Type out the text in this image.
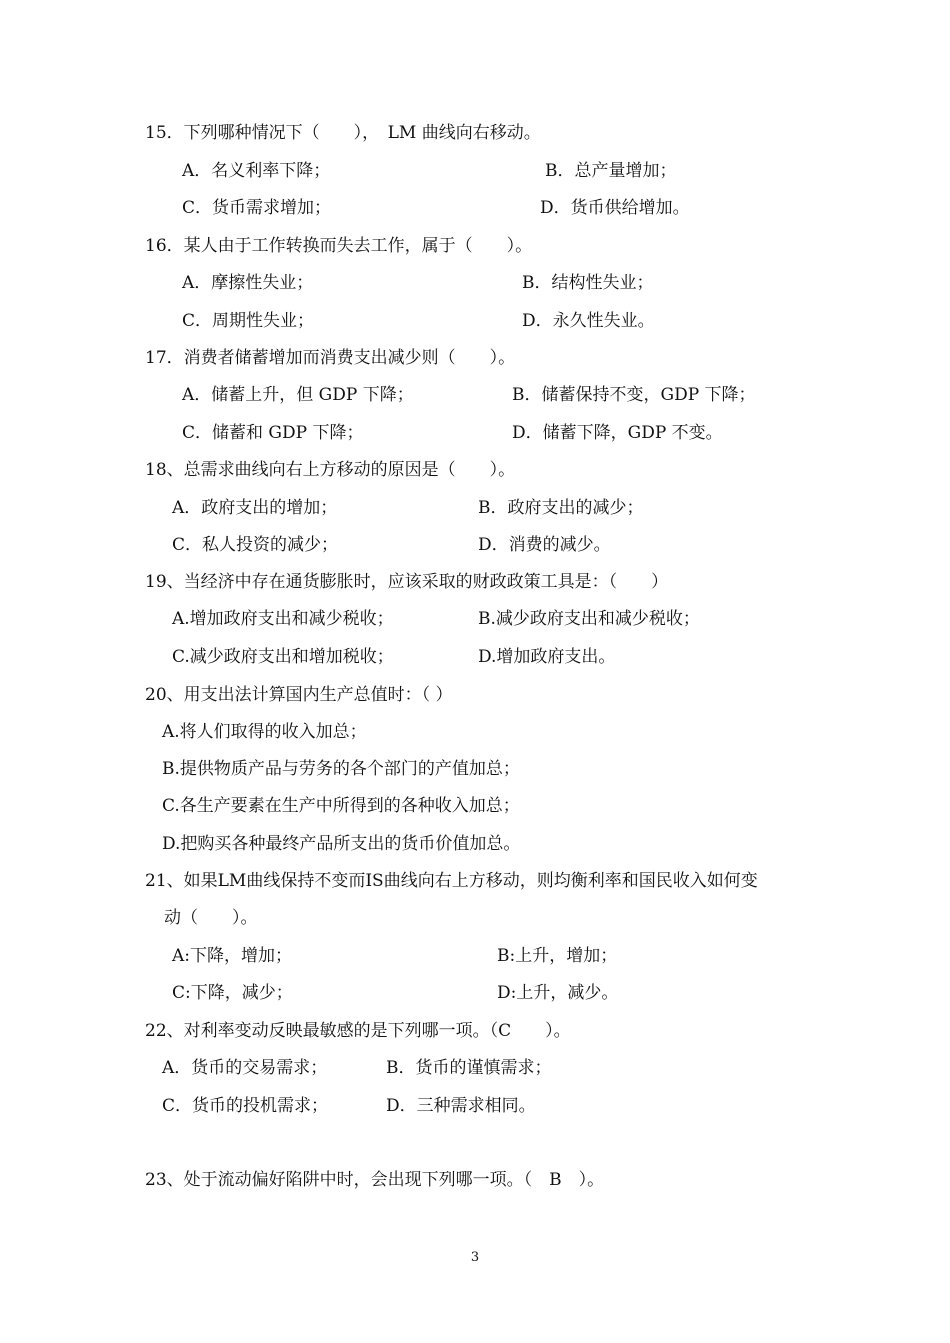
15．下列哪种情况下（　　），　LM 曲线向右移动。
A．名义利率下降；	B．总产量增加；
C．货币需求增加；	D．货币供给增加。
16．某人由于工作转换而失去工作，属于（　　）。
A．摩擦性失业；	B．结构性失业；
C．周期性失业；	D．永久性失业。
17．消费者储蓄增加而消费支出减少则（　　）。
A．储蓄上升，但 GDP 下降；	B．储蓄保持不变，GDP 下降；
C．储蓄和 GDP 下降；	D．储蓄下降，GDP 不变。
18、总需求曲线向右上方移动的原因是（　　）。
A．政府支出的增加；	B．政府支出的减少；
C．私人投资的减少；	D．消费的减少。
19、当经济中存在通货膨胀时，应该采取的财政政策工具是：（　　）
A.增加政府支出和减少税收；	B.减少政府支出和减少税收；
C.减少政府支出和增加税收；	D.增加政府支出。
20、用支出法计算国内生产总值时：（ ）
A.将人们取得的收入加总；
B.提供物质产品与劳务的各个部门的产值加总；
C.各生产要素在生产中所得到的各种收入加总；
D.把购买各种最终产品所支出的货币价值加总。
21、如果LM曲线保持不变而IS曲线向右上方移动，则均衡利率和国民收入如何变
动（　　）。
A:下降，增加；	B:上升，增加；
C:下降，减少；	D:上升，减少。
22、对利率变动反映最敏感的是下列哪一项。（C　　）。
A．货币的交易需求；	B．货币的谨慎需求；
C．货币的投机需求；	D．三种需求相同。
23、处于流动偏好陷阱中时，会出现下列哪一项。（　B　）。
3
